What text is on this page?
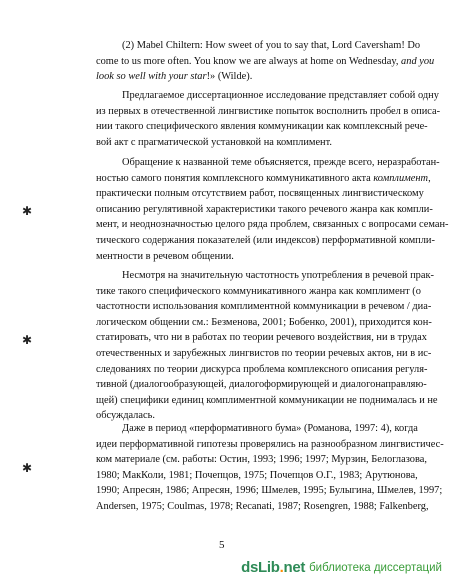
(2) Mabel Chiltern: How sweet of you to say that, Lord Caversham! Do
come to us more often. You know we are always at home on Wednesday, and you
look so well with your star!» (Wilde).
Предлагаемое диссертационное исследование представляет собой одну
из первых в отечественной лингвистике попыток восполнить пробел в описа-
нии такого специфического явления коммуникации как комплексный рече-
вой акт с прагматической установкой на комплимент.
Обращение к названной теме объясняется, прежде всего, неразработан-
ностью самого понятия комплексного коммуникативного акта комплимент,
практически полным отсутствием работ, посвященных лингвистическому
описанию регулятивной характеристики такого речевого жанра как компли-
мент, и неоднозначностью целого ряда проблем, связанных с вопросами семан-
тического содержания показателей (или индексов) перформативной компли-
ментности в речевом общении.
Несмотря на значительную частотность употребления в речевой прак-
тике такого специфического коммуникативного жанра как комплимент (о
частотности использования комплиментной коммуникации в речевом / диа-
логическом общении см.: Безменова, 2001; Бобенко, 2001), приходится кон-
статировать, что ни в работах по теории речевого воздействия, ни в трудах
отечественных и зарубежных лингвистов по теории речевых актов, ни в ис-
следованиях по теории дискурса проблема комплексного описания регуля-
тивной (диалогообразующей, диалогоформирующей и диалогонаправляю-
щей) специфики единиц комплиментной коммуникации не поднималась и не
обсуждалась.
Даже в период «перформативного бума» (Романова, 1997: 4), когда
идеи перформативной гипотезы проверялись на разнообразном лингвистичес-
ком материале (см. работы: Остин, 1993; 1996; 1997; Мурзин, Белоглазова,
1980; МакКоли, 1981; Почепцов, 1975; Почепцов О.Г., 1983; Арутюнова,
1990; Апресян, 1986; Апресян, 1996; Шмелев, 1995; Булыгина, Шмелев, 1997;
Andersen, 1975; Coulmas, 1978; Recanati, 1987; Rosengren, 1988; Falkenberg,
✱
✱
✱
5
dsLib.net библиотека диссертаций
